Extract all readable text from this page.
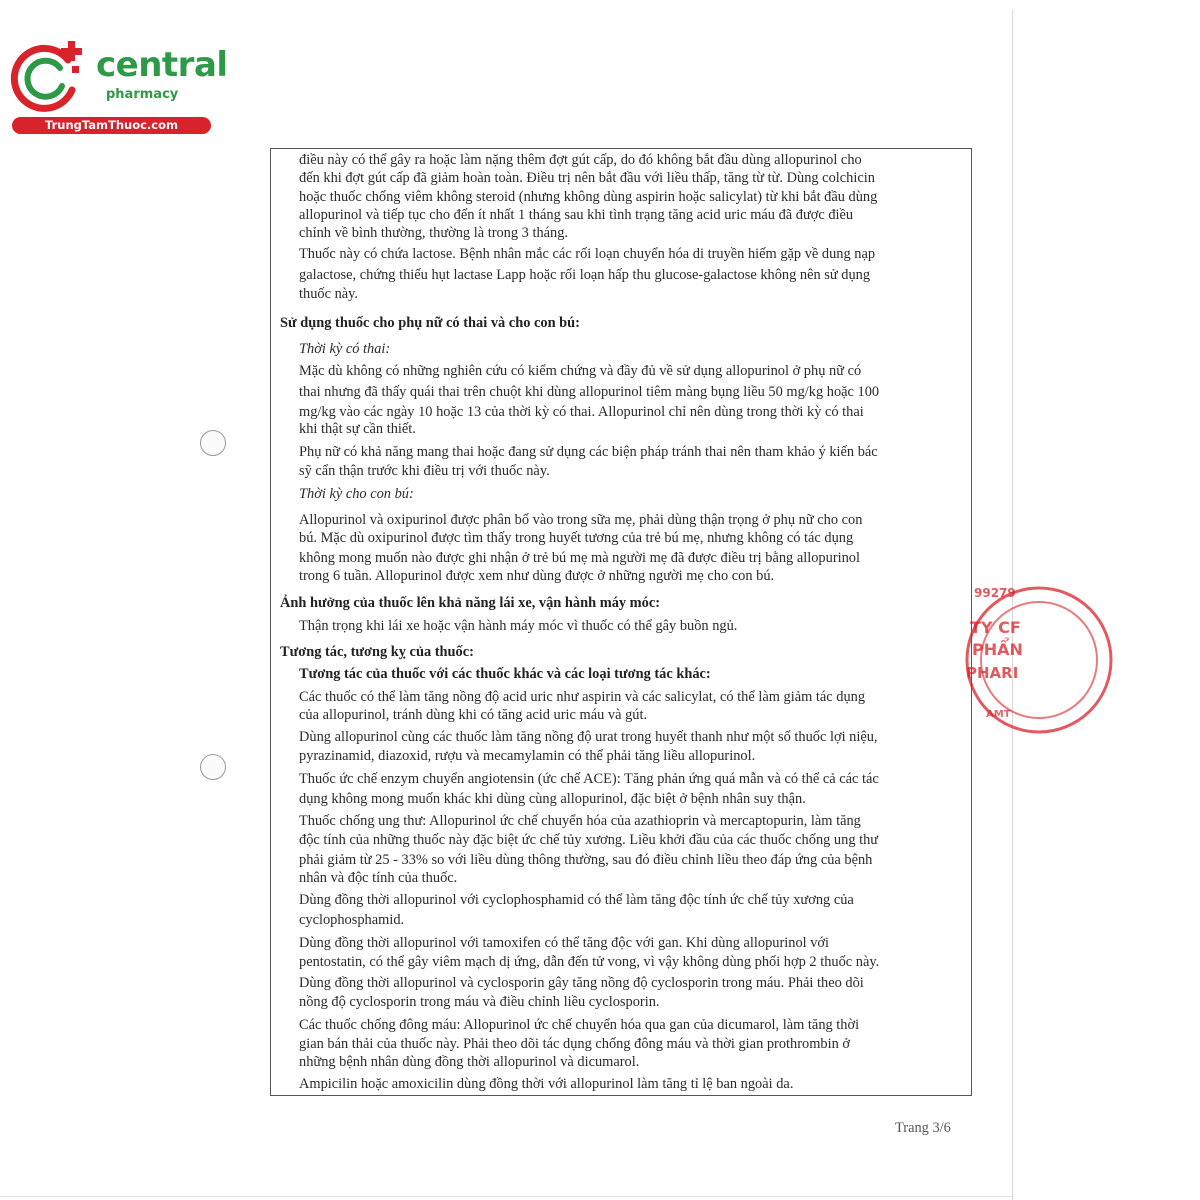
central
pharmacy
TrungTamThuoc.com
99279
TY CF
PHẨN
PHARI
AMT
điều này có thể gây ra hoặc làm nặng thêm đợt gút cấp, do đó không bắt đầu dùng allopurinol cho
đến khi đợt gút cấp đã giảm hoàn toàn. Điều trị nên bắt đầu với liều thấp, tăng từ từ. Dùng colchicin
hoặc thuốc chống viêm không steroid (nhưng không dùng aspirin hoặc salicylat) từ khi bắt đầu dùng
allopurinol và tiếp tục cho đến ít nhất 1 tháng sau khi tình trạng tăng acid uric máu đã được điều
chỉnh về bình thường, thường là trong 3 tháng.
Thuốc này có chứa lactose. Bệnh nhân mắc các rối loạn chuyển hóa di truyền hiếm gặp về dung nạp
galactose, chứng thiếu hụt lactase Lapp hoặc rối loạn hấp thu glucose-galactose không nên sử dụng
thuốc này.
Sử dụng thuốc cho phụ nữ có thai và cho con bú:
Thời kỳ có thai:
Mặc dù không có những nghiên cứu có kiểm chứng và đầy đủ về sử dụng allopurinol ở phụ nữ có
thai nhưng đã thấy quái thai trên chuột khi dùng allopurinol tiêm màng bụng liều 50 mg/kg hoặc 100
mg/kg vào các ngày 10 hoặc 13 của thời kỳ có thai. Allopurinol chỉ nên dùng trong thời kỳ có thai
khi thật sự cần thiết.
Phụ nữ có khả năng mang thai hoặc đang sử dụng các biện pháp tránh thai nên tham khảo ý kiến bác
sỹ cẩn thận trước khi điều trị với thuốc này.
Thời kỳ cho con bú:
Allopurinol và oxipurinol được phân bố vào trong sữa mẹ, phải dùng thận trọng ở phụ nữ cho con
bú. Mặc dù oxipurinol được tìm thấy trong huyết tương của trẻ bú mẹ, nhưng không có tác dụng
không mong muốn nào được ghi nhận ở trẻ bú mẹ mà người mẹ đã được điều trị bằng allopurinol
trong 6 tuần. Allopurinol được xem như dùng được ở những người mẹ cho con bú.
Ảnh hưởng của thuốc lên khả năng lái xe, vận hành máy móc:
Thận trọng khi lái xe hoặc vận hành máy móc vì thuốc có thể gây buồn ngủ.
Tương tác, tương kỵ của thuốc:
Tương tác của thuốc với các thuốc khác và các loại tương tác khác:
Các thuốc có thể làm tăng nồng độ acid uric như aspirin và các salicylat, có thể làm giảm tác dụng
của allopurinol, tránh dùng khi có tăng acid uric máu và gút.
Dùng allopurinol cùng các thuốc làm tăng nồng độ urat trong huyết thanh như một số thuốc lợi niệu,
pyrazinamid, diazoxid, rượu và mecamylamin có thể phải tăng liều allopurinol.
Thuốc ức chế enzym chuyển angiotensin (ức chế ACE): Tăng phản ứng quá mẫn và có thể cả các tác
dụng không mong muốn khác khi dùng cùng allopurinol, đặc biệt ở bệnh nhân suy thận.
Thuốc chống ung thư: Allopurinol ức chế chuyển hóa của azathioprin và mercaptopurin, làm tăng
độc tính của những thuốc này đặc biệt ức chế tủy xương. Liều khởi đầu của các thuốc chống ung thư
phải giảm từ 25 - 33% so với liều dùng thông thường, sau đó điều chỉnh liều theo đáp ứng của bệnh
nhân và độc tính của thuốc.
Dùng đồng thời allopurinol với cyclophosphamid có thể làm tăng độc tính ức chế tủy xương của
cyclophosphamid.
Dùng đồng thời allopurinol với tamoxifen có thể tăng độc với gan. Khi dùng allopurinol với
pentostatin, có thể gây viêm mạch dị ứng, dẫn đến tử vong, vì vậy không dùng phối hợp 2 thuốc này.
Dùng đồng thời allopurinol và cyclosporin gây tăng nồng độ cyclosporin trong máu. Phải theo dõi
nồng độ cyclosporin trong máu và điều chỉnh liều cyclosporin.
Các thuốc chống đông máu: Allopurinol ức chế chuyển hóa qua gan của dicumarol, làm tăng thời
gian bán thải của thuốc này. Phải theo dõi tác dụng chống đông máu và thời gian prothrombin ở
những bệnh nhân dùng đồng thời allopurinol và dicumarol.
Ampicilin hoặc amoxicilin dùng đồng thời với allopurinol làm tăng tỉ lệ ban ngoài da.
Trang 3/6
